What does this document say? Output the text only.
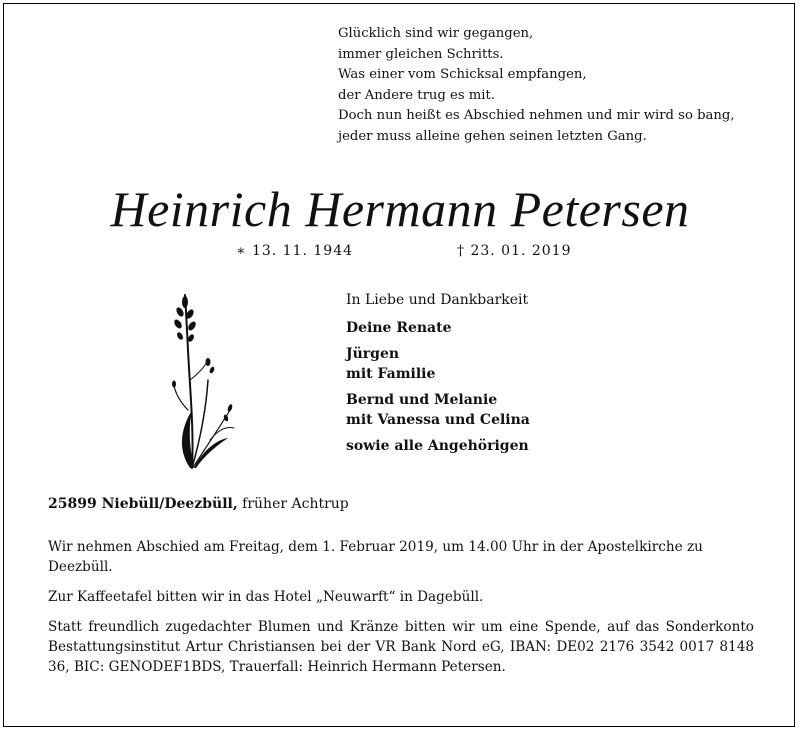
Glücklich sind wir gegangen,
immer gleichen Schritts.
Was einer vom Schicksal empfangen,
der Andere trug es mit.
Doch nun heißt es Abschied nehmen und mir wird so bang,
jeder muss alleine gehen seinen letzten Gang.
Heinrich Hermann Petersen
∗ 13. 11. 1944	† 23. 01. 2019
In Liebe und Dankbarkeit
Deine Renate
Jürgen
mit Familie
Bernd und Melanie
mit Vanessa und Celina
sowie alle Angehörigen
25899 Niebüll/Deezbüll, früher Achtrup
Wir nehmen Abschied am Freitag, dem 1. Februar 2019, um 14.00 Uhr in der Apostelkirche zu Deezbüll.
Zur Kaffeetafel bitten wir in das Hotel „Neuwarft“ in Dagebüll.
Statt freundlich zugedachter Blumen und Kränze bitten wir um eine Spende, auf das Sonderkonto Bestattungsinstitut Artur Christiansen bei der VR Bank Nord eG, IBAN: DE02 2176 3542 0017 8148 36, BIC: GENODEF1BDS, Trauerfall: Heinrich Hermann Petersen.
